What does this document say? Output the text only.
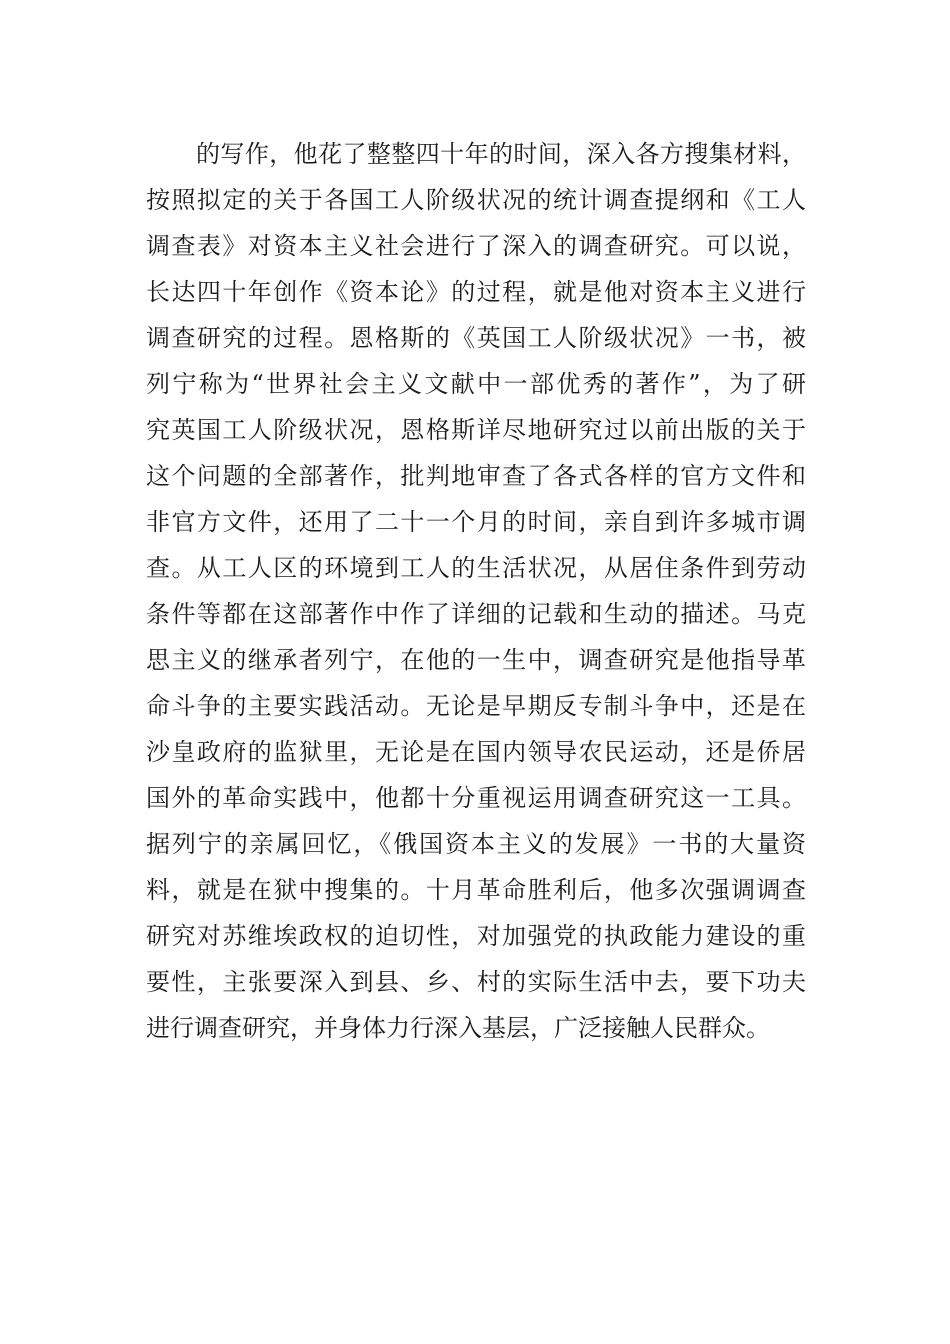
的写作，他花了整整四十年的时间，深入各方搜集材料，
按照拟定的关于各国工人阶级状况的统计调查提纲和《工人
调查表》对资本主义社会进行了深入的调查研究。可以说，
长达四十年创作《资本论》的过程，就是他对资本主义进行
调查研究的过程。恩格斯的《英国工人阶级状况》一书，被
列宁称为“世界社会主义文献中一部优秀的著作”，为了研
究英国工人阶级状况，恩格斯详尽地研究过以前出版的关于
这个问题的全部著作，批判地审查了各式各样的官方文件和
非官方文件，还用了二十一个月的时间，亲自到许多城市调
查。从工人区的环境到工人的生活状况，从居住条件到劳动
条件等都在这部著作中作了详细的记载和生动的描述。马克
思主义的继承者列宁，在他的一生中，调查研究是他指导革
命斗争的主要实践活动。无论是早期反专制斗争中，还是在
沙皇政府的监狱里，无论是在国内领导农民运动，还是侨居
国外的革命实践中，他都十分重视运用调查研究这一工具。
据列宁的亲属回忆，《俄国资本主义的发展》一书的大量资
料，就是在狱中搜集的。十月革命胜利后，他多次强调调查
研究对苏维埃政权的迫切性，对加强党的执政能力建设的重
要性，主张要深入到县、乡、村的实际生活中去，要下功夫
进行调查研究，并身体力行深入基层，广泛接触人民群众。
